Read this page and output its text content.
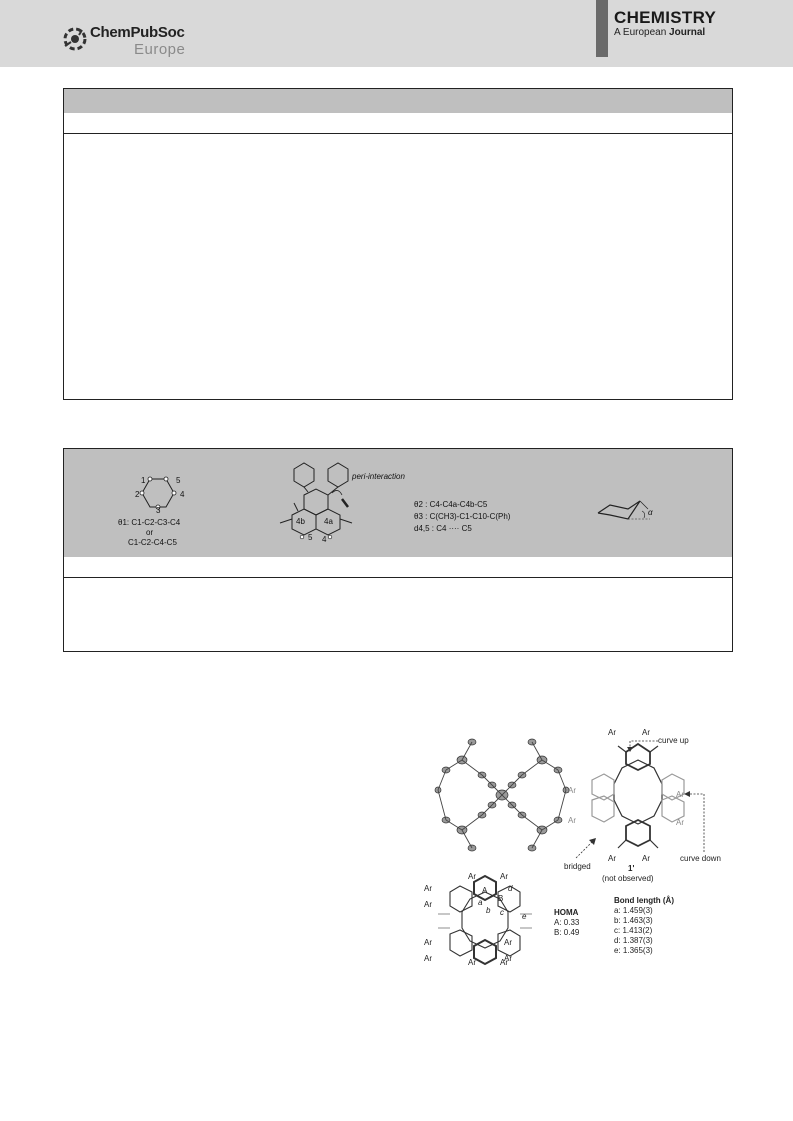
ChemPubSoc
Europe
CHEMISTRY
A European Journal
1	5
2	4
3
θ1: C1-C2-C3-C4
or
C1-C2-C4-C5
peri-interaction
4b 4a
5 4
θ2 : C4-C4a-C4b-C5
θ3 : C(CH3)-C1-C10-C(Ph)
d4,5 : C4 ···· C5
α
curve up
curve down
bridged	1'
(not observed)
Ar	Ar
Ar
Ar
Ar
Ar
Ar	Ar
Ar	Ar
Ar
Ar
Ar
Ar
Ar
Ar
Ar	Ar
A
B
a
b c
d
e	HOMA
A: 0.33
B: 0.49
Bond length (Å)
a: 1.459(3)
b: 1.463(3)
c: 1.413(2)
d: 1.387(3)
e: 1.365(3)
